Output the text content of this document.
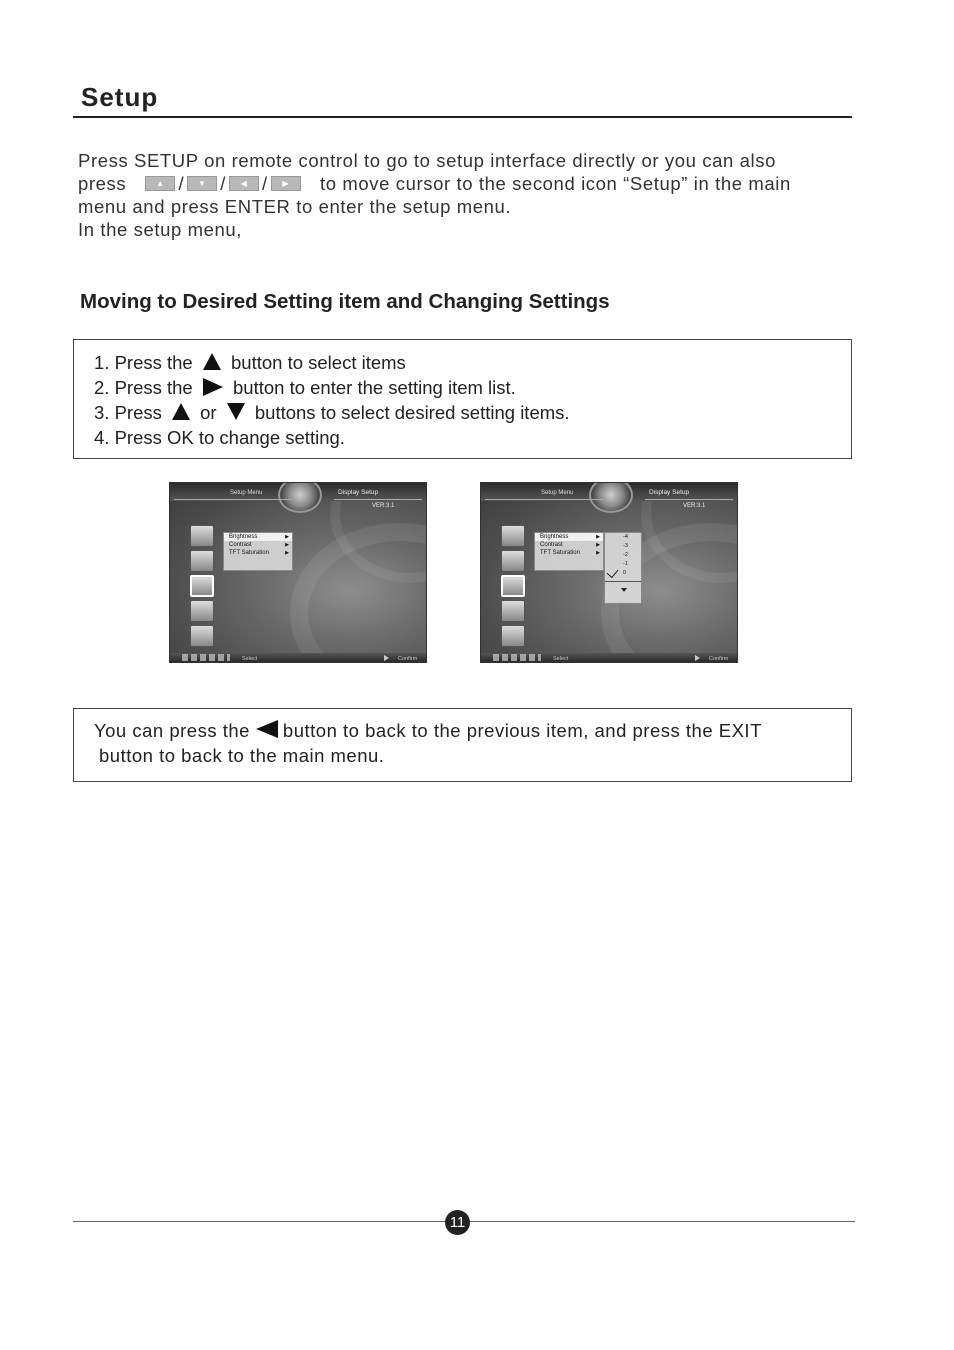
Setup
Press SETUP on remote control to go to setup interface directly or you can also
press	▲ /	▼ /	◀ /	▶	to move cursor to the second icon “Setup” in the main
menu and press ENTER to enter the setup menu.
In the setup menu,
Moving to Desired Setting item and Changing Settings
1. Press the button to select items
2. Press the button to enter the setting item list.
3. Press or buttons to select desired setting items.
4. Press OK to change setting.
Setup Menu	Display Setup
VER:3.1
Brightness	▶
Contrast	▶
TFT Saturation	▶
Select	Confirm
Setup Menu	Display Setup
VER:3.1
Brightness	▶
Contrast	▶
TFT Saturation	▶
-4
-3
-2
-1
0
Select	Confirm
You can press the button to back to the previous item, and press the EXIT
button to back to the main menu.
11
